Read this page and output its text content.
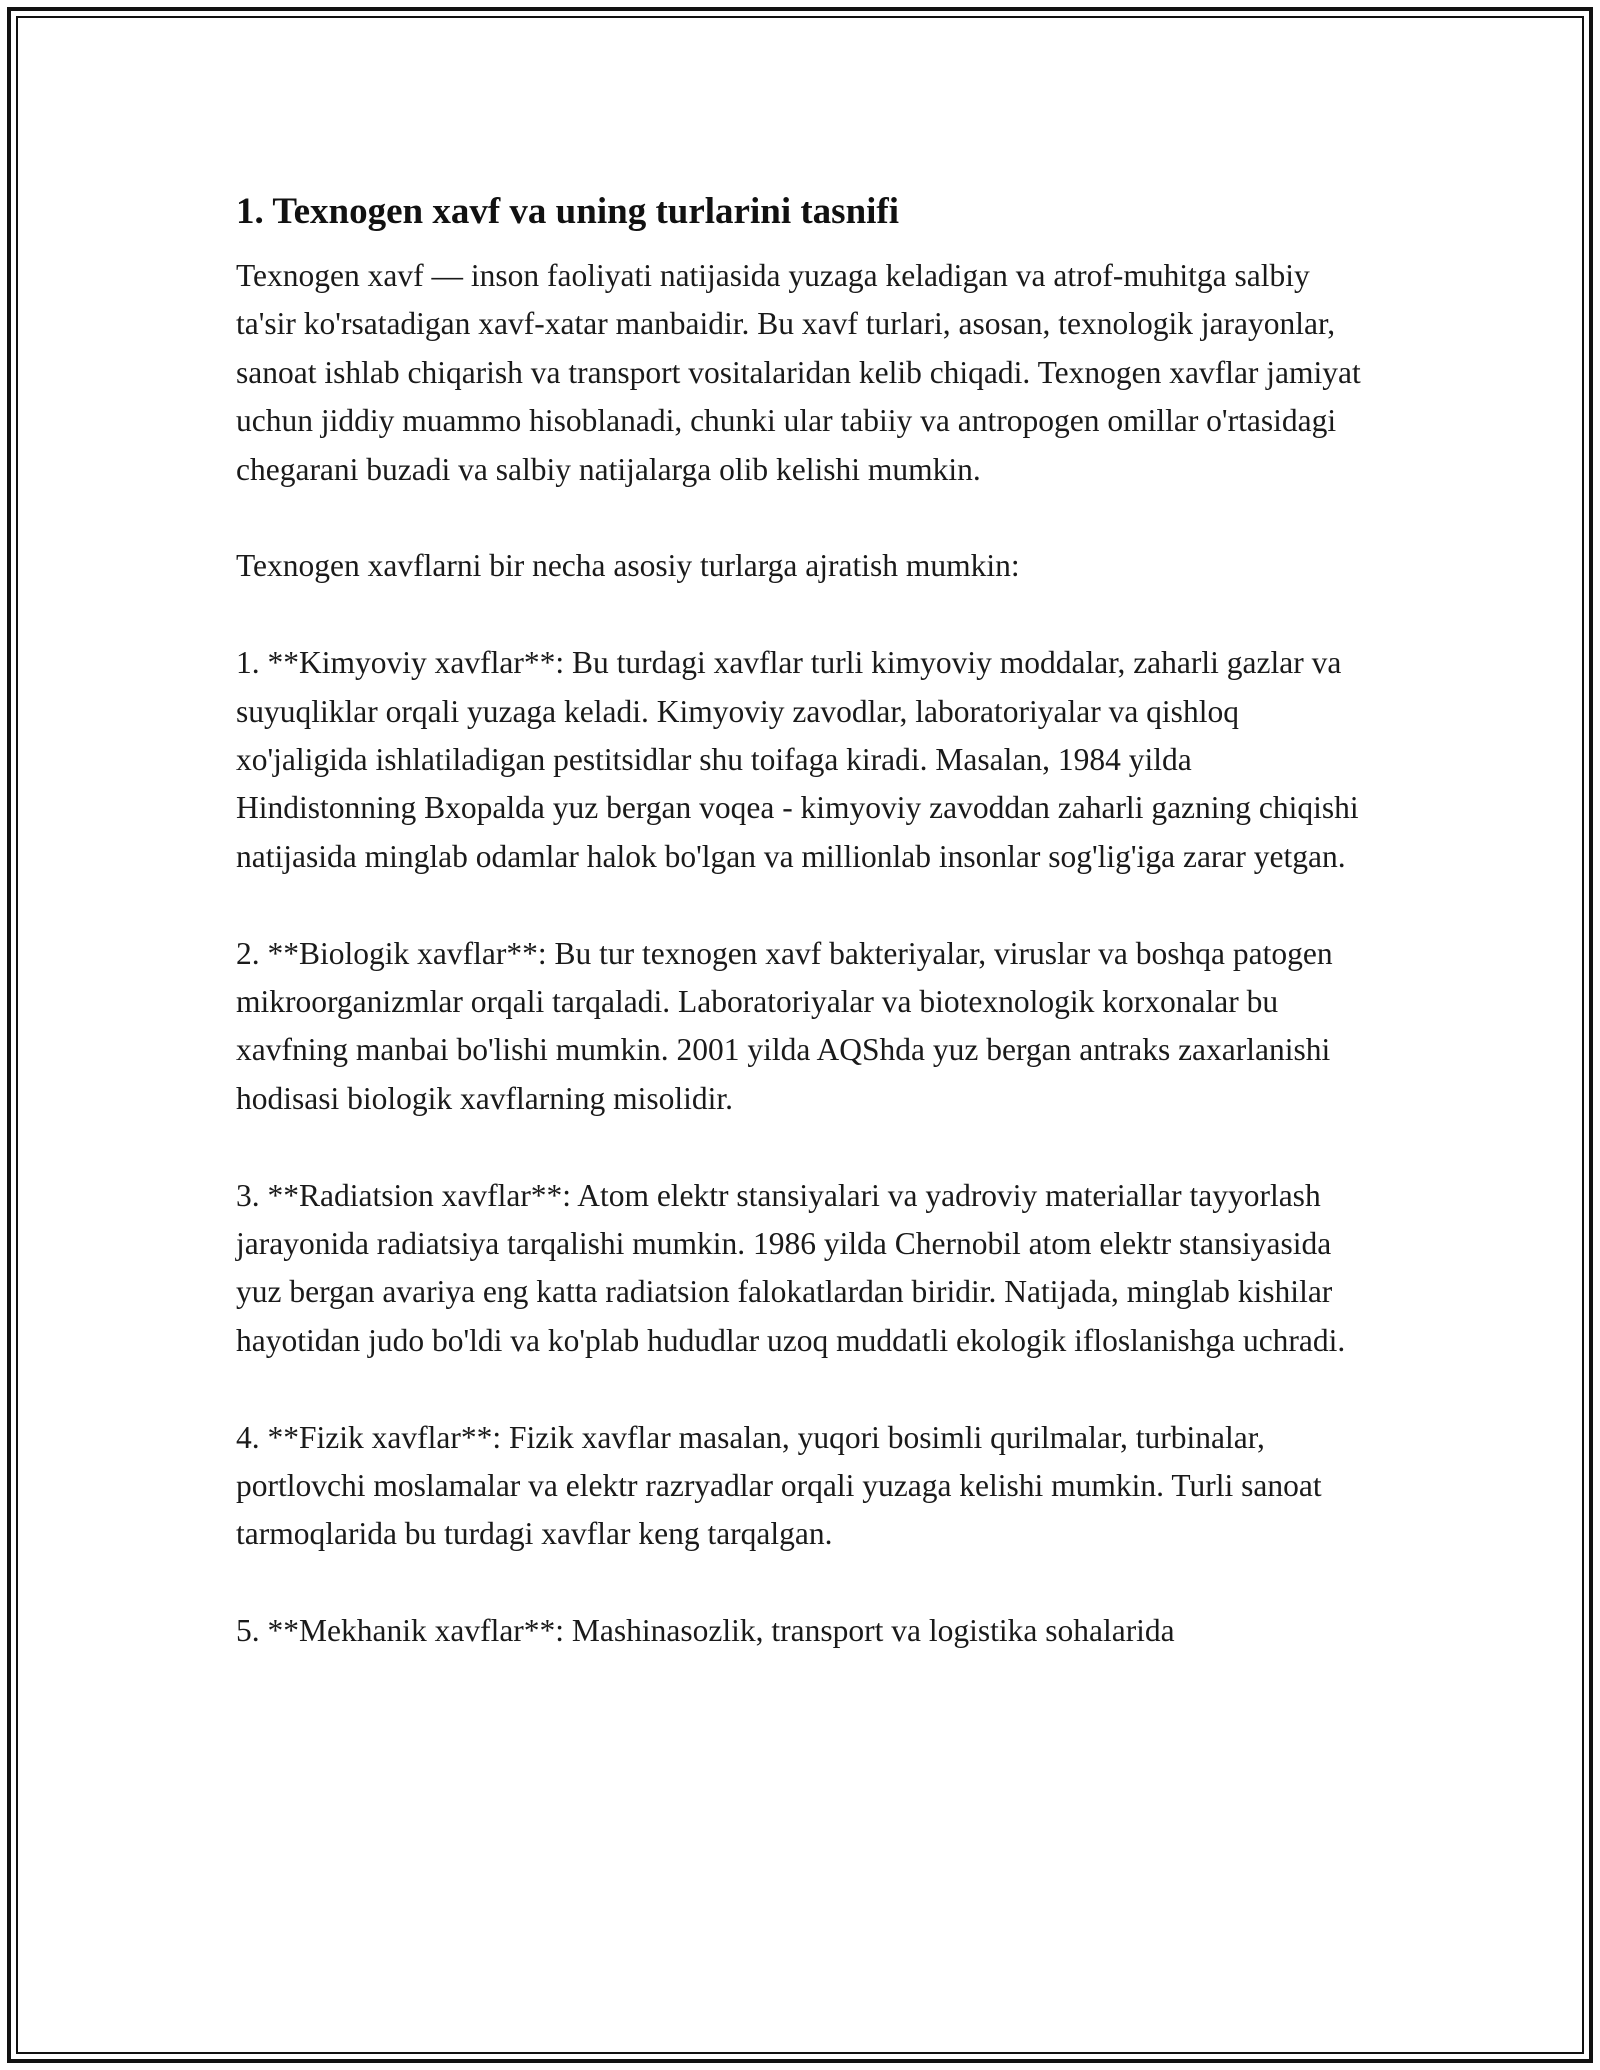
1. Texnogen xavf va uning turlarini tasnifi

Texnogen xavf — inson faoliyati natijasida yuzaga keladigan va atrof-muhitga salbiy ta'sir ko'rsatadigan xavf-xatar manbaidir. Bu xavf turlari, asosan, texnologik jarayonlar, sanoat ishlab chiqarish va transport vositalaridan kelib chiqadi. Texnogen xavflar jamiyat uchun jiddiy muammo hisoblanadi, chunki ular tabiiy va antropogen omillar o'rtasidagi chegarani buzadi va salbiy natijalarga olib kelishi mumkin.

Texnogen xavflarni bir necha asosiy turlarga ajratish mumkin:

1. **Kimyoviy xavflar**: Bu turdagi xavflar turli kimyoviy moddalar, zaharli gazlar va suyuqliklar orqali yuzaga keladi. Kimyoviy zavodlar, laboratoriyalar va qishloq xo'jaligida ishlatiladigan pestitsidlar shu toifaga kiradi. Masalan, 1984 yilda Hindistonning Bxopalda yuz bergan voqea - kimyoviy zavoddan zaharli gazning chiqishi natijasida minglab odamlar halok bo'lgan va millionlab insonlar sog'lig'iga zarar yetgan.

2. **Biologik xavflar**: Bu tur texnogen xavf bakteriyalar, viruslar va boshqa patogen mikroorganizmlar orqali tarqaladi. Laboratoriyalar va biotexnologik korxonalar bu xavfning manbai bo'lishi mumkin. 2001 yilda AQShda yuz bergan antraks zaxarlanishi hodisasi biologik xavflarning misolidir.

3. **Radiatsion xavflar**: Atom elektr stansiyalari va yadroviy materiallar tayyorlash jarayonida radiatsiya tarqalishi mumkin. 1986 yilda Chernobil atom elektr stansiyasida yuz bergan avariya eng katta radiatsion falokatlardan biridir. Natijada, minglab kishilar hayotidan judo bo'ldi va ko'plab hududlar uzoq muddatli ekologik ifloslanishga uchradi.

4. **Fizik xavflar**: Fizik xavflar masalan, yuqori bosimli qurilmalar, turbinalar, portlovchi moslamalar va elektr razryadlar orqali yuzaga kelishi mumkin. Turli sanoat tarmoqlarida bu turdagi xavflar keng tarqalgan.

5. **Mekhanik xavflar**: Mashinasozlik, transport va logistika sohalarida
